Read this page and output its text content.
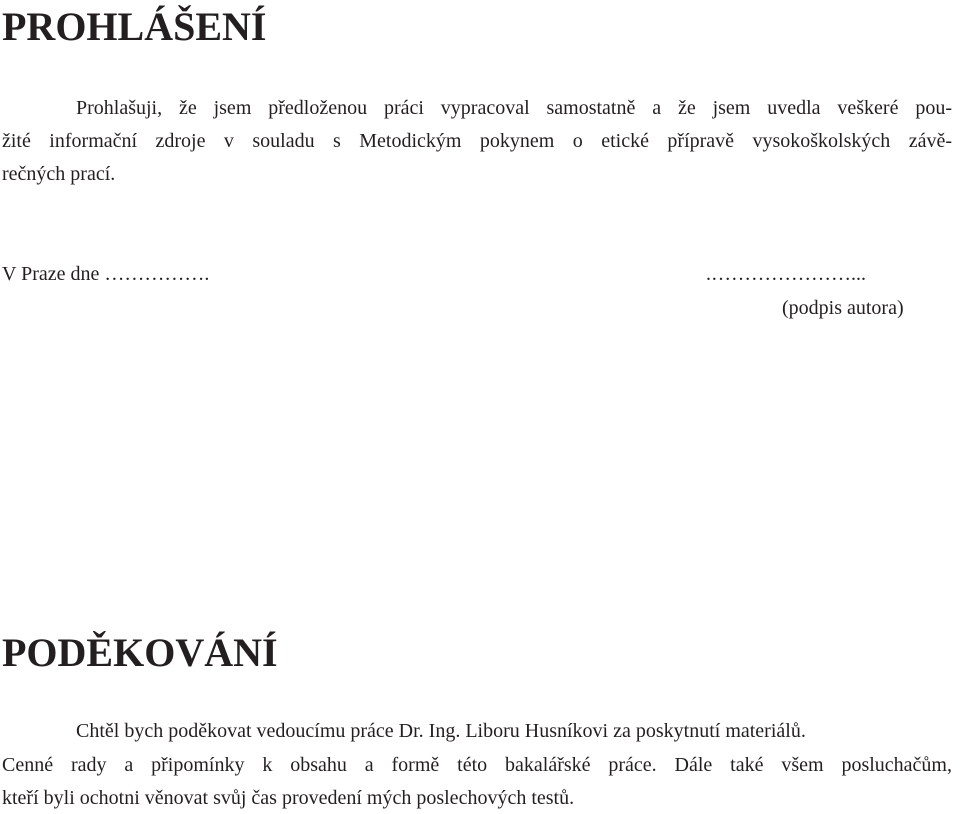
PROHLÁŠENÍ
Prohlašuji, že jsem předloženou práci vypracoval samostatně a že jsem uvedla veškeré pou-
žité informační zdroje v souladu s Metodickým pokynem o etické přípravě vysokoškolských závě-
rečných prací.
V Praze dne …………….	.…………………...
(podpis autora)
PODĚKOVÁNÍ
Chtěl bych poděkovat vedoucímu práce Dr. Ing. Liboru Husníkovi za poskytnutí materiálů.
Cenné rady a připomínky k obsahu a formě této bakalářské práce. Dále také všem posluchačům,
kteří byli ochotni věnovat svůj čas provedení mých poslechových testů.
